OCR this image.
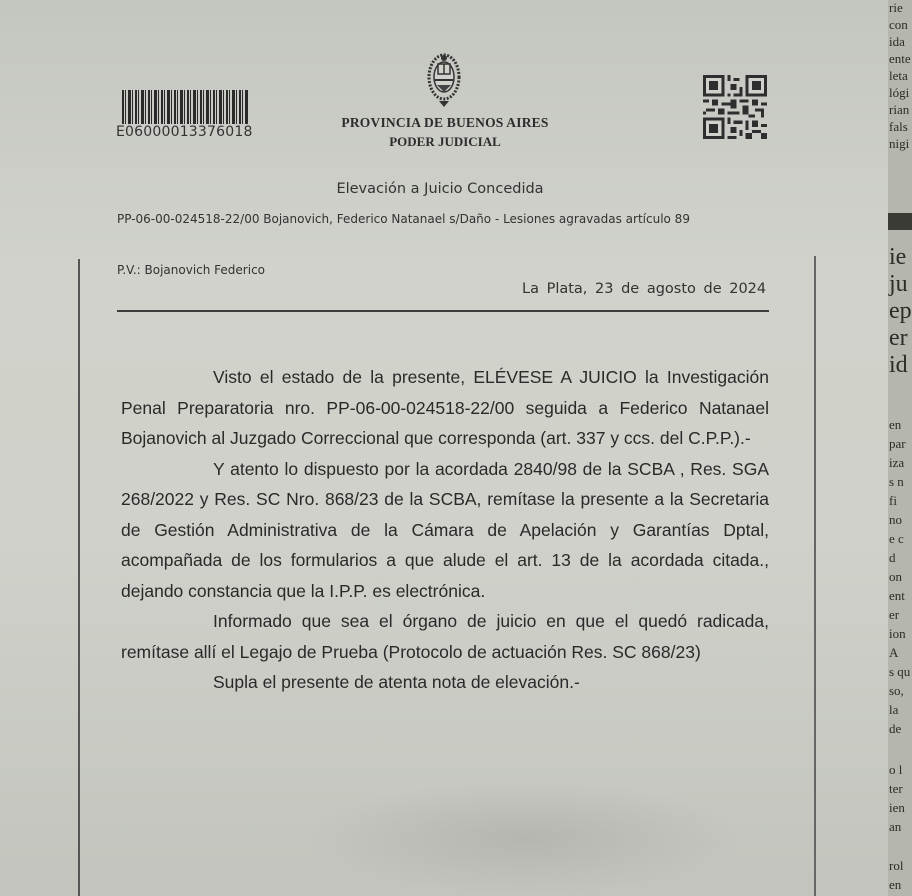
E06000013376018
PROVINCIA DE BUENOS AIRES
PODER JUDICIAL
Elevación a Juicio Concedida
PP-06-00-024518-22/00 Bojanovich, Federico Natanael s/Daño - Lesiones agravadas artículo 89
P.V.: Bojanovich Federico
La Plata, 23 de agosto de 2024

Visto el estado de la presente, ELÉVESE A JUICIO la Investigación Penal Preparatoria nro. PP-06-00-024518-22/00 seguida a Federico Natanael Bojanovich al Juzgado Correccional que corresponda (art. 337 y ccs. del C.P.P.).-

Y atento lo dispuesto por la acordada 2840/98 de la SCBA , Res. SGA 268/2022 y Res. SC Nro. 868/23 de la SCBA, remítase la presente a la Secretaria de Gestión Administrativa de la Cámara de Apelación y Garantías Dptal, acompañada de los formularios a que alude el art. 13 de la acordada citada., dejando constancia que la I.P.P. es electrónica.

Informado que sea el órgano de juicio en que el quedó radicada, remítase allí el Legajo de Prueba (Protocolo de actuación Res. SC 868/23)

Supla el presente de atenta nota de elevación.-

rie
con
ida
ente
leta
lógi
rian
fals
nigi
ie
ju
ep
er
id
en
par
iza
s n
fi
no
e c
d
on
ent
er
ion
A
s qu
so,
la
de
o l
ter
ien
an
rol
en
